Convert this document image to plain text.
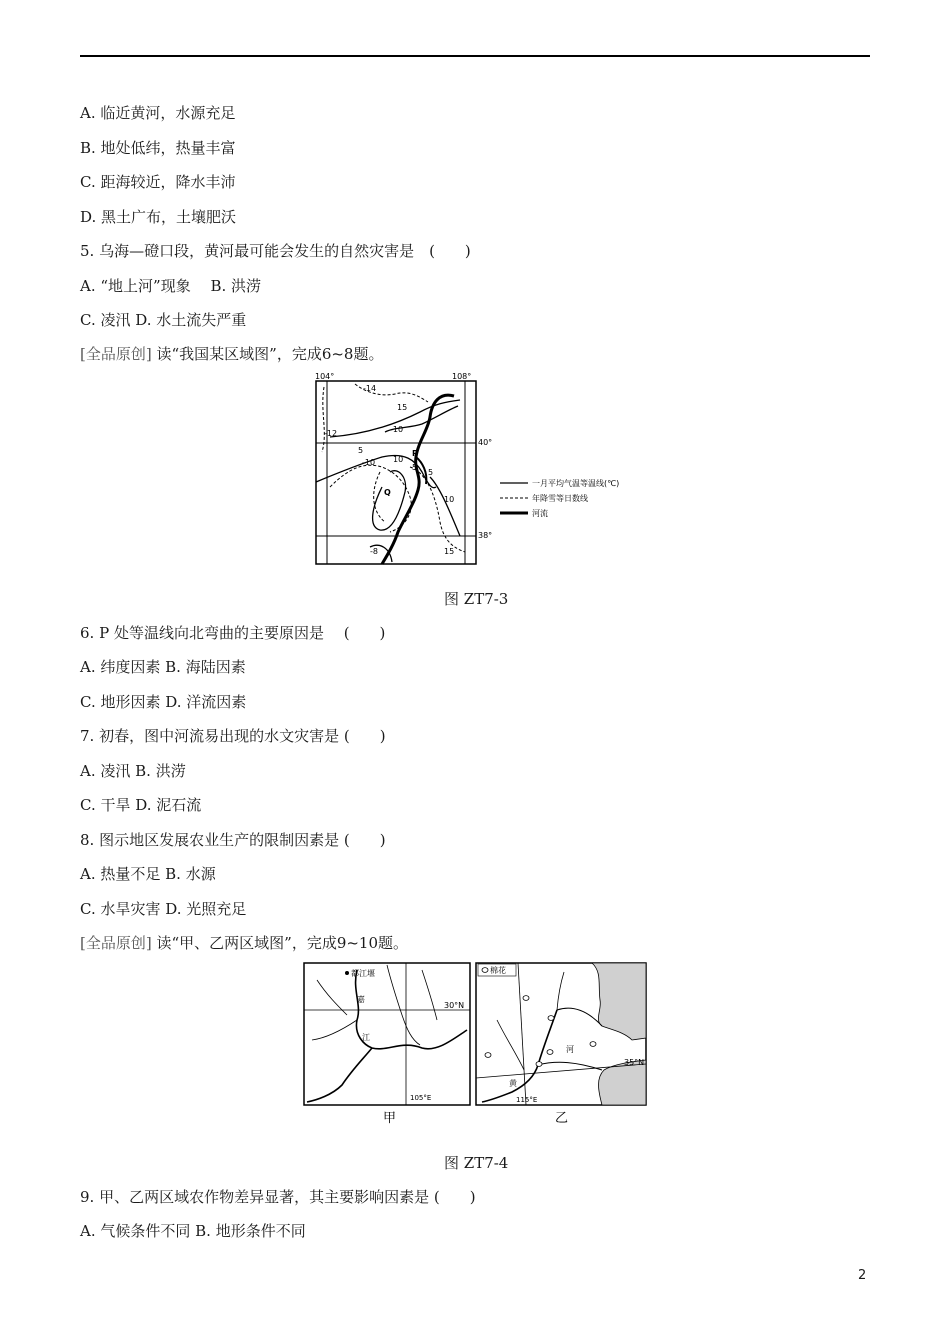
A. 临近黄河，水源充足
B. 地处低纬，热量丰富
C. 距海较近，降水丰沛
D. 黑土广布，土壤肥沃
5. 乌海—磴口段，黄河最可能会发生的自然灾害是　(　　)
A. “地上河”现象　 B. 洪涝
C. 凌汛 D. 水土流失严重
[全品原创] 读“我国某区域图”，完成6~8题。
104°	108°
40°
38°
-14
15
-12	-10
-10
5
10
P
5
Q
10
5
-8	15
一月平均气温等温线(℃)
年降雪等日数线
河流
图 ZT7-3
6. P 处等温线向北弯曲的主要原因是　 (　　)
A. 纬度因素 B. 海陆因素
C. 地形因素 D. 洋流因素
7. 初春，图中河流易出现的水文灾害是 (　　)
A. 凌汛 B. 洪涝
C. 干旱 D. 泥石流
8. 图示地区发展农业生产的限制因素是 (　　)
A. 热量不足 B. 水源
C. 水旱灾害 D. 光照充足
[全品原创] 读“甲、乙两区域图”，完成9~10题。
都江堰
嘉
江
30°N
105°E
甲
棉花
河
黄
35°N
115°E
乙
图 ZT7-4
9. 甲、乙两区域农作物差异显著，其主要影响因素是 (　　)
A. 气候条件不同 B. 地形条件不同
2
